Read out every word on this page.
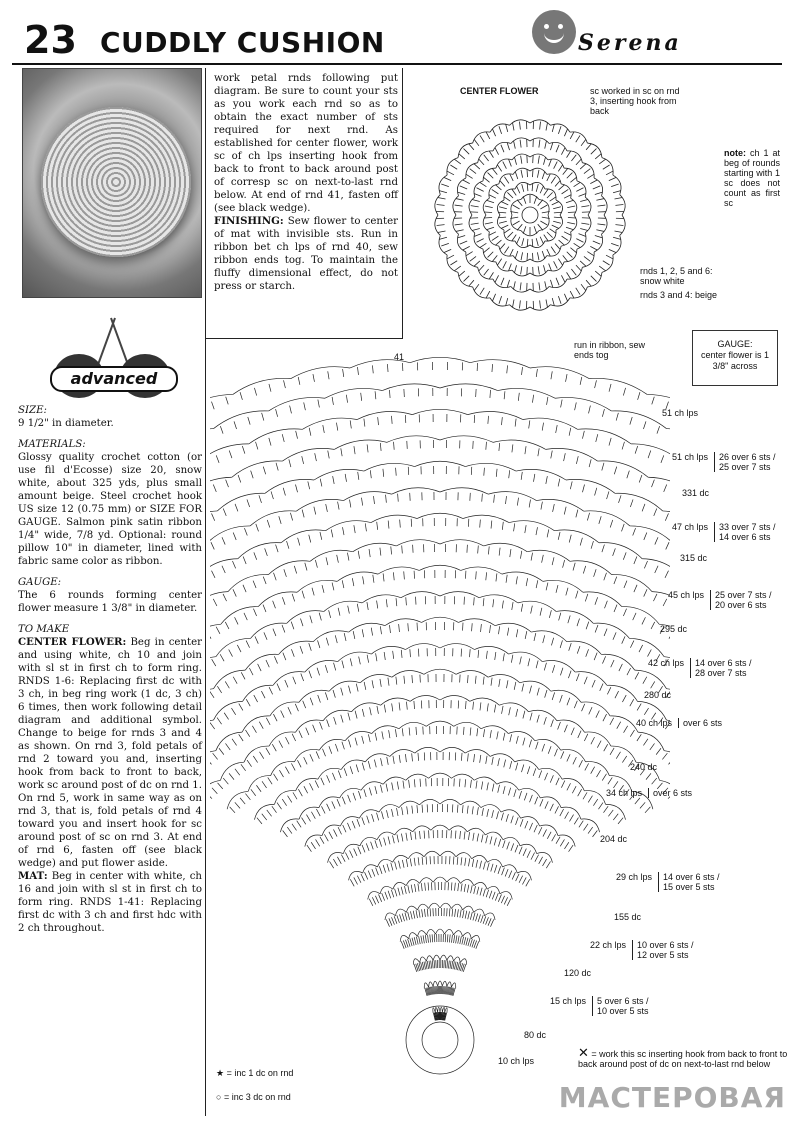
23 CUDDLY CUSHION	Serena
advanced

SIZE:
9 1/2" in diameter.

MATERIALS:
Glossy quality crochet cotton (or use fil d'Ecosse) size 20, snow white, about 325 yds, plus small amount beige. Steel crochet hook US size 12 (0.75 mm) or SIZE FOR GAUGE. Salmon pink satin ribbon 1/4" wide, 7/8 yd. Optional: round pillow 10" in diameter, lined with fabric same color as ribbon.

GAUGE:
The 6 rounds forming center flower measure 1 3/8" in diameter.

TO MAKE
CENTER FLOWER: Beg in center and using white, ch 10 and join with sl st in first ch to form ring. RNDS 1-6: Replacing first dc with 3 ch, in beg ring work (1 dc, 3 ch) 6 times, then work following detail diagram and additional symbol. Change to beige for rnds 3 and 4 as shown. On rnd 3, fold petals of rnd 2 toward you and, inserting hook from back to front to back, work sc around post of dc on rnd 1. On rnd 5, work in same way as on rnd 3, that is, fold petals of rnd 4 toward you and insert hook for sc around post of sc on rnd 3. At end of rnd 6, fasten off (see black wedge) and put flower aside.

MAT: Beg in center with white, ch 16 and join with sl st in first ch to form ring. RNDS 1-41: Replacing first dc with 3 ch and first hdc with 2 ch throughout.

work petal rnds following put diagram. Be sure to count your sts as you work each rnd so as to obtain the exact number of sts required for next rnd. As established for center flower, work sc of ch lps inserting hook from back to front to back around post of corresp sc on next-to-last rnd below. At end of rnd 41, fasten off (see black wedge).

FINISHING: Sew flower to center of mat with invisible sts. Run in ribbon bet ch lps of rnd 40, sew ribbon ends tog. To maintain the fluffy dimensional effect, do not press or starch.

CENTER FLOWER	sc worked in sc on rnd 3, inserting hook from back
note: ch 1 at beg of rounds starting with 1 sc does not count as first sc
rnds 1, 2, 5 and 6: snow white
rnds 3 and 4: beige
GAUGE:
center flower is 1 3/8" across
run in ribbon, sew ends tog
41
51 ch lps
51 ch lps 26 over 6 sts / 25 over 7 sts
331 dc
47 ch lps 33 over 7 sts / 14 over 6 sts
315 dc
45 ch lps 25 over 7 sts / 20 over 6 sts
295 dc
42 ch lps 14 over 6 sts / 28 over 7 sts
280 dc
40 ch lps over 6 sts
240 dc
34 ch lps over 6 sts
204 dc
29 ch lps 14 over 6 sts / 15 over 5 sts
155 dc
22 ch lps 10 over 6 sts / 12 over 5 sts
120 dc
15 ch lps 5 over 6 sts / 10 over 5 sts
80 dc
10 ch lps
★ = inc 1 dc on rnd
○ = inc 3 dc on rnd
✕ = work this sc inserting hook from back to front to back around post of dc on next-to-last rnd below
МАСТЕРОВАЯ
